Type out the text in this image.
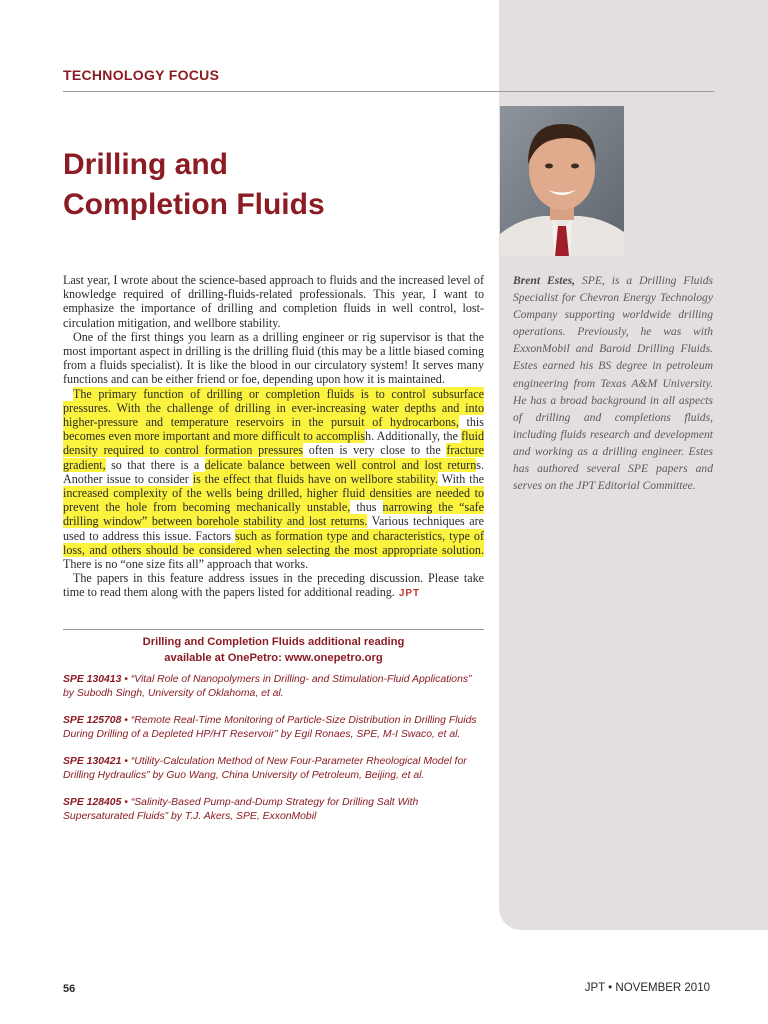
TECHNOLOGY FOCUS
Drilling and
Completion Fluids

Brent Estes, SPE, is a Drilling Fluids Specialist for Chevron Energy Technology Company supporting worldwide drilling operations. Previously, he was with ExxonMobil and Baroid Drilling Fluids. Estes earned his BS degree in petroleum engineering from Texas A&M University. He has a broad background in all aspects of drilling and completions fluids, including fluids research and development and working as a drilling engineer. Estes has authored several SPE papers and serves on the JPT Editorial Committee.

Last year, I wrote about the science-based approach to fluids and the increased level of knowledge required of drilling-fluids-related professionals. This year, I want to emphasize the importance of drilling and completion fluids in well control, lost-circulation mitigation, and wellbore stability.

One of the first things you learn as a drilling engineer or rig supervisor is that the most important aspect in drilling is the drilling fluid (this may be a little biased coming from a fluids specialist). It is like the blood in our circulatory system! It serves many functions and can be either friend or foe, depending upon how it is maintained.

The primary function of drilling or completion fluids is to control subsurface pressures. With the challenge of drilling in ever-increasing water depths and into higher-pressure and temperature reservoirs in the pursuit of hydrocarbons, this becomes even more important and more difficult to accomplish. Additionally, the fluid density required to control formation pressures often is very close to the fracture gradient, so that there is a delicate balance between well control and lost returns. Another issue to consider is the effect that fluids have on wellbore stability. With the increased complexity of the wells being drilled, higher fluid densities are needed to prevent the hole from becoming mechanically unstable, thus narrowing the “safe drilling window” between borehole stability and lost returns. Various techniques are used to address this issue. Factors such as formation type and characteristics, type of loss, and others should be considered when selecting the most appropriate solution. There is no “one size fits all” approach that works.

The papers in this feature address issues in the preceding discussion. Please take time to read them along with the papers listed for additional reading. JPT

Drilling and Completion Fluids additional reading
available at OnePetro: www.onepetro.org

SPE 130413 • “Vital Role of Nanopolymers in Drilling- and Stimulation-Fluid Applications” by Subodh Singh, University of Oklahoma, et al.

SPE 125708 • “Remote Real-Time Monitoring of Particle-Size Distribution in Drilling Fluids During Drilling of a Depleted HP/HT Reservoir” by Egil Ronaes, SPE, M-I Swaco, et al.

SPE 130421 • “Utility-Calculation Method of New Four-Parameter Rheological Model for Drilling Hydraulics” by Guo Wang, China University of Petroleum, Beijing, et al.

SPE 128405 • “Salinity-Based Pump-and-Dump Strategy for Drilling Salt With Supersaturated Fluids” by T.J. Akers, SPE, ExxonMobil

56	JPT • NOVEMBER 2010
